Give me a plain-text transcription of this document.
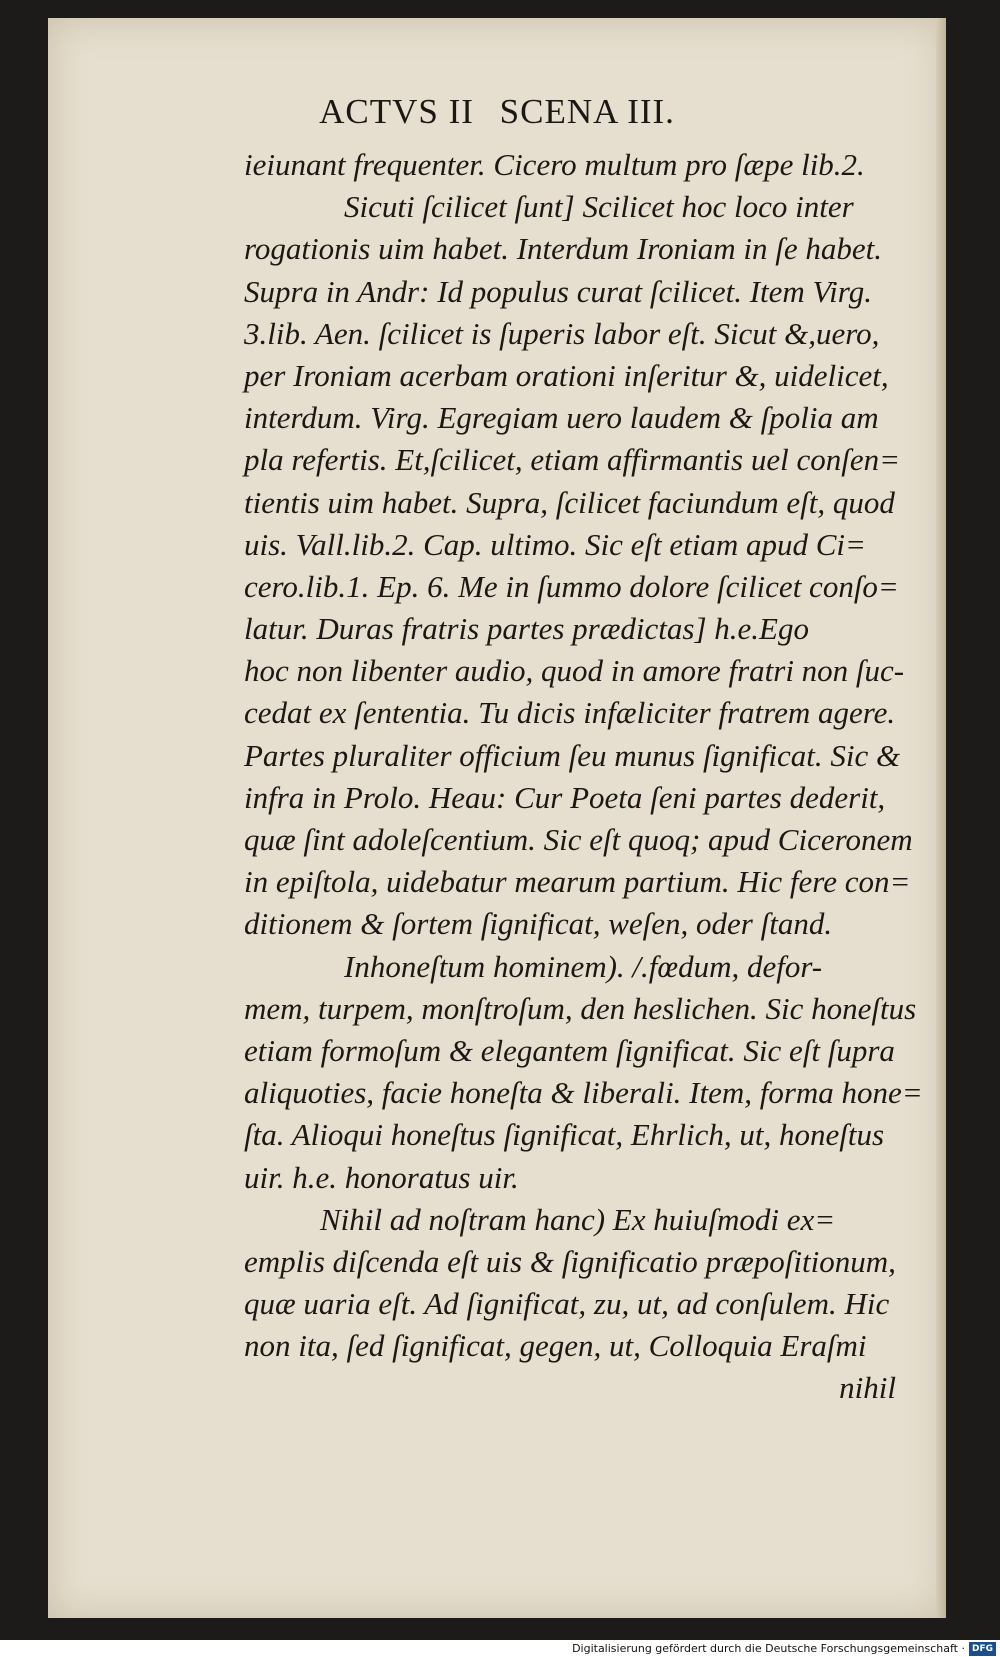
ACTVS II SCENA III.
ieiunant frequenter. Cicero multum pro ſæpe lib.2.
Sicuti ſcilicet ſunt] Scilicet hoc loco inter
rogationis uim habet. Interdum Ironiam in ſe habet.
Supra in Andr: Id populus curat ſcilicet. Item Virg.
3.lib. Aen. ſcilicet is ſuperis labor eſt. Sicut &,uero,
per Ironiam acerbam orationi inſeritur &, uidelicet,
interdum. Virg. Egregiam uero laudem & ſpolia am
pla refertis. Et,ſcilicet, etiam affirmantis uel conſen=
tientis uim habet. Supra, ſcilicet faciundum eſt, quod
uis. Vall.lib.2. Cap. ultimo. Sic eſt etiam apud Ci=
cero.lib.1. Ep. 6. Me in ſummo dolore ſcilicet conſo=
latur. Duras fratris partes prædictas] h.e.Ego
hoc non libenter audio, quod in amore fratri non ſuc-
cedat ex ſententia. Tu dicis infæliciter fratrem agere.
Partes pluraliter officium ſeu munus ſignificat. Sic &
infra in Prolo. Heau: Cur Poeta ſeni partes dederit,
quæ ſint adoleſcentium. Sic eſt quoq; apud Ciceronem
in epiſtola, uidebatur mearum partium. Hic fere con=
ditionem & ſortem ſignificat, weſen, oder ſtand.
Inhoneſtum hominem). /.fœdum, defor-
mem, turpem, monſtroſum, den heslichen. Sic honeſtus
etiam formoſum & elegantem ſignificat. Sic eſt ſupra
aliquoties, facie honeſta & liberali. Item, forma hone=
ſta. Alioqui honeſtus ſignificat, Ehrlich, ut, honeſtus
uir. h.e. honoratus uir.
Nihil ad noſtram hanc) Ex huiuſmodi ex=
emplis diſcenda eſt uis & ſignificatio præpoſitionum,
quæ uaria eſt. Ad ſignificat, zu, ut, ad conſulem. Hic
non ita, ſed ſignificat, gegen, ut, Colloquia Eraſmi
nihil
Digitalisierung gefördert durch die Deutsche Forschungsgemeinschaft · DFG
